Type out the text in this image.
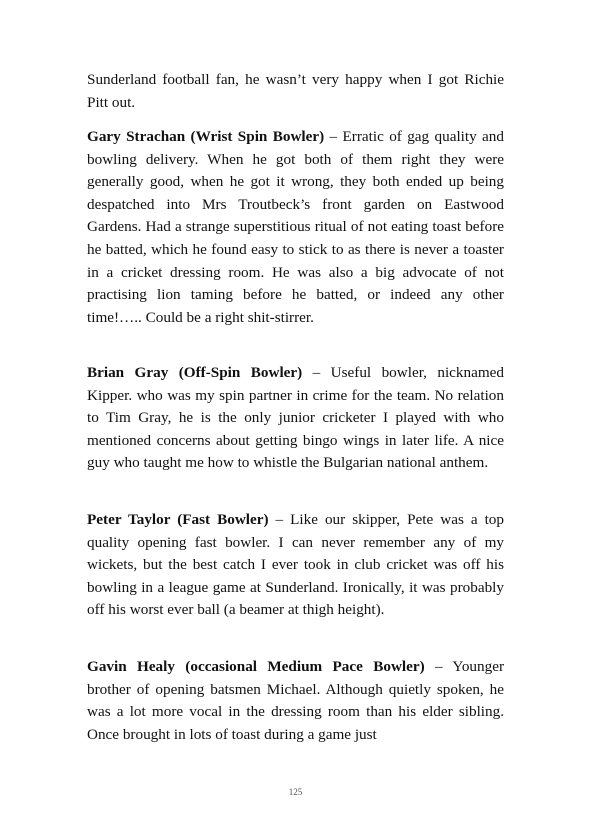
Sunderland football fan, he wasn’t very happy when I got Richie Pitt out.

Gary Strachan (Wrist Spin Bowler) – Erratic of gag quality and bowling delivery. When he got both of them right they were generally good, when he got it wrong, they both ended up being despatched into Mrs Troutbeck’s front garden on Eastwood Gardens. Had a strange superstitious ritual of not eating toast before he batted, which he found easy to stick to as there is never a toaster in a cricket dressing room. He was also a big advocate of not practising lion taming before he batted, or indeed any other time!….. Could be a right shit-stirrer.

Brian Gray (Off-Spin Bowler) – Useful bowler, nicknamed Kipper. who was my spin partner in crime for the team. No relation to Tim Gray, he is the only junior cricketer I played with who mentioned concerns about getting bingo wings in later life. A nice guy who taught me how to whistle the Bulgarian national anthem.

Peter Taylor (Fast Bowler) – Like our skipper, Pete was a top quality opening fast bowler. I can never remember any of my wickets, but the best catch I ever took in club cricket was off his bowling in a league game at Sunderland. Ironically, it was probably off his worst ever ball (a beamer at thigh height).

Gavin Healy (occasional Medium Pace Bowler) – Younger brother of opening batsmen Michael. Although quietly spoken, he was a lot more vocal in the dressing room than his elder sibling. Once brought in lots of toast during a game just

125
